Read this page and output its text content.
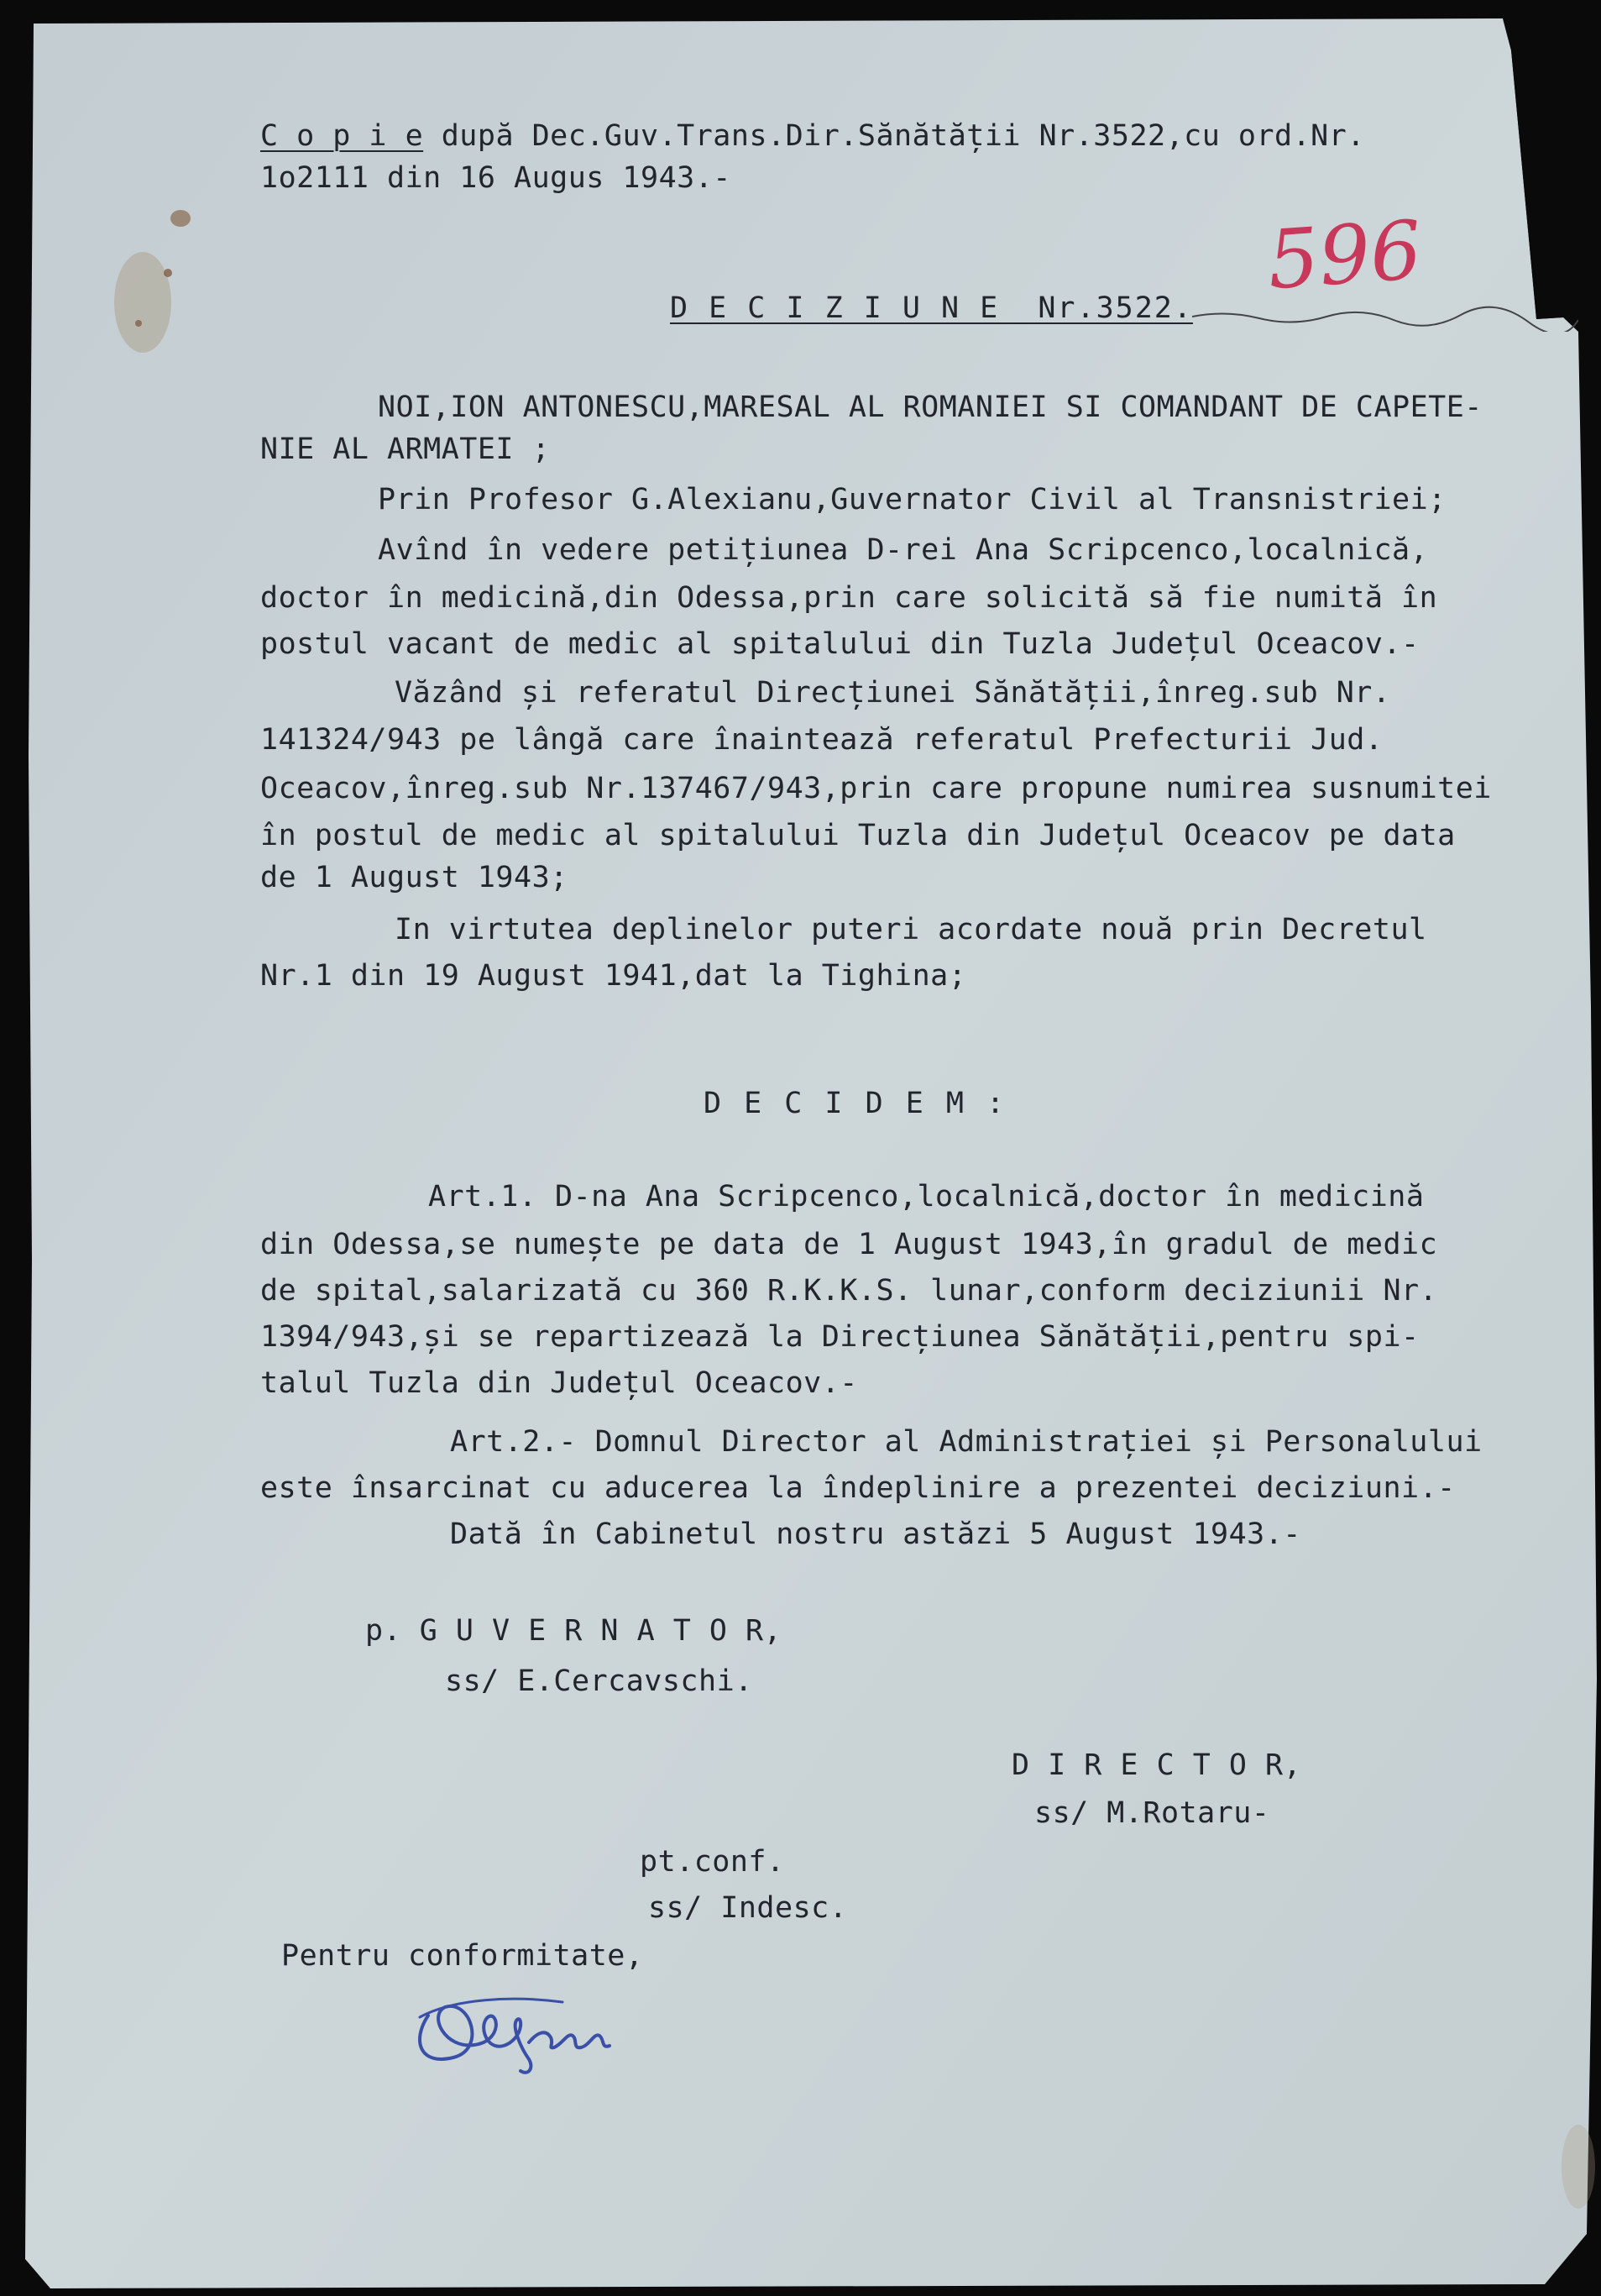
C o p i e după Dec.Guv.Trans.Dir.Sănătății Nr.3522,cu ord.Nr.
1o2111 din 16 Augus 1943.-
596
D E C I Z I U N E  Nr.3522.
NOI,ION ANTONESCU,MARESAL AL ROMANIEI SI COMANDANT DE CAPETE-
NIE AL ARMATEI ;
Prin Profesor G.Alexianu,Guvernator Civil al Transnistriei;
Avînd în vedere petițiunea D-rei Ana Scripcenco,localnică,
doctor în medicină,din Odessa,prin care solicită să fie numită în
postul vacant de medic al spitalului din Tuzla Județul Oceacov.-
Văzând și referatul Direcțiunei Sănătății,înreg.sub Nr.
141324/943 pe lângă care înaintează referatul Prefecturii Jud.
Oceacov,înreg.sub Nr.137467/943,prin care propune numirea susnumitei
în postul de medic al spitalului Tuzla din Județul Oceacov pe data
de 1 August 1943;
In virtutea deplinelor puteri acordate nouă prin Decretul
Nr.1 din 19 August 1941,dat la Tighina;
D E C I D E M :
Art.1. D-na Ana Scripcenco,localnică,doctor în medicină
din Odessa,se numește pe data de 1 August 1943,în gradul de medic
de spital,salarizată cu 360 R.K.K.S. lunar,conform deciziunii Nr.
1394/943,și se repartizează la Direcțiunea Sănătății,pentru spi-
talul Tuzla din Județul Oceacov.-
Art.2.- Domnul Director al Administrației și Personalului
este însarcinat cu aducerea la îndeplinire a prezentei deciziuni.-
Dată în Cabinetul nostru astăzi 5 August 1943.-
p. G U V E R N A T O R,
ss/ E.Cercavschi.
D I R E C T O R,
ss/ M.Rotaru-
pt.conf.
ss/ Indesc.
Pentru conformitate,
